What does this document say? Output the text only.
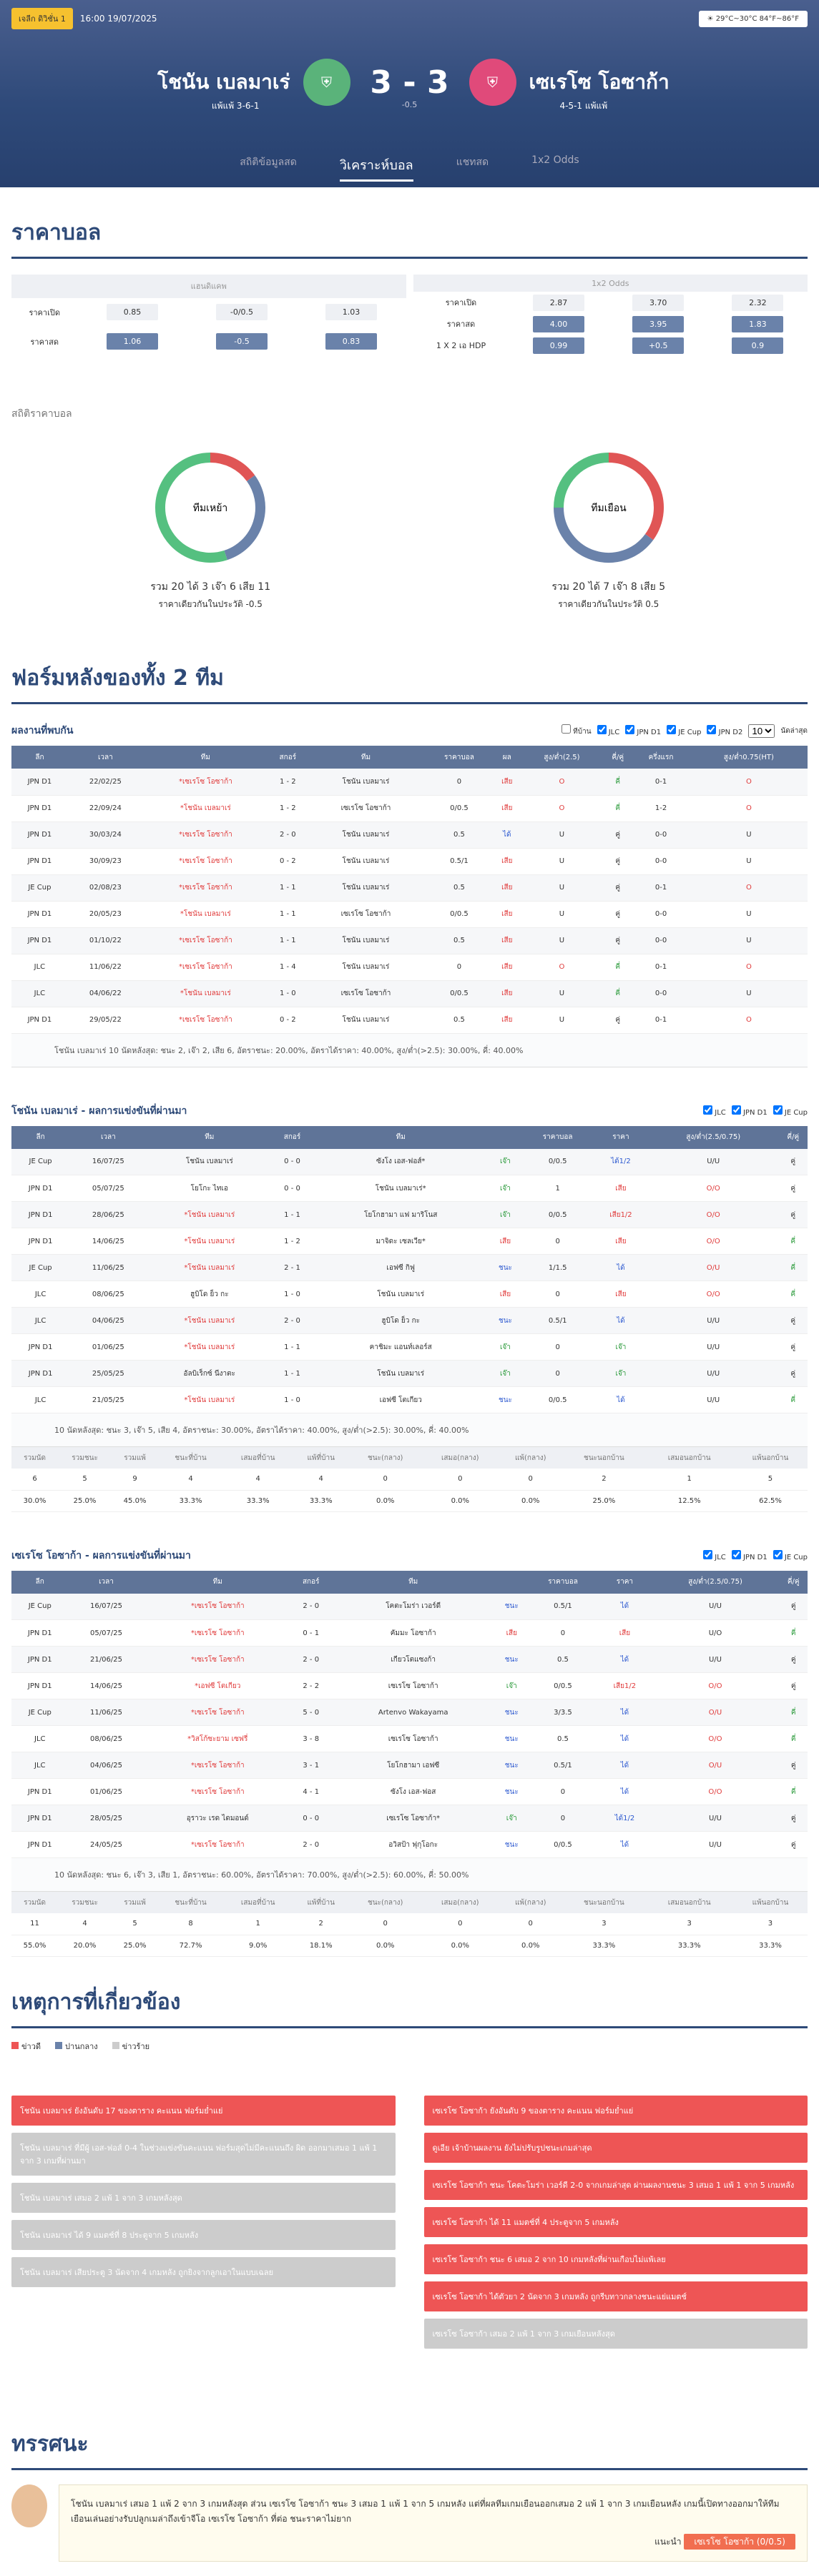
เจลีก ดิวิชั่น 1	16:00 19/07/2025	☀ 29°C~30°C 84°F~86°F
โชนัน เบลมาเร่	⛨	3 - 3	⛨	เซเรโซ โอซาก้า
-0.5
แพ้แพ้ 3-6-1	4-5-1 แพ้แพ้
สถิติข้อมูลสด	วิเคราะห์บอล	แชทสด	1x2 Odds
ราคาบอล
แฮนดิแคพ			
ราคาเปิด	0.85	-0/0.5	1.03
ราคาสด	1.06	-0.5	0.83
1x2 Odds			
ราคาเปิด	2.87	3.70	2.32
ราคาสด	4.00	3.95	1.83
1 X 2 เอ HDP	0.99	+0.5	0.9
สถิติราคาบอล
ทีมเหย้า
รวม 20 ได้ 3 เจ๊า 6 เสีย 11
ราคาเดียวกันในประวัติ -0.5
ทีมเยือน
รวม 20 ได้ 7 เจ๊า 8 เสีย 5
ราคาเดียวกันในประวัติ 0.5
ฟอร์มหลังของทั้ง 2 ทีม
ผลงานที่พบกัน	ทีบ้าน	JLC	JPN D1	JE Cup	JPN D2
10	นัดล่าสุด
ลีก	เวลา	ทีม	สกอร์	ทีม	ราคาบอล	ผล	สูง/ต่ำ(2.5)	คี่/คู่	ครึ่งแรก	สูง/ต่ำ0.75(HT)
JPN D1	22/02/25	*เซเรโซ โอซาก้า	1 - 2	โชนัน เบลมาเร่	0	เสีย	O	คี่	0-1	O
JPN D1	22/09/24	*โชนัน เบลมาเร่	1 - 2	เซเรโซ โอซาก้า	0/0.5	เสีย	O	คี่	1-2	O
JPN D1	30/03/24	*เซเรโซ โอซาก้า	2 - 0	โชนัน เบลมาเร่	0.5	ได้	U	คู่	0-0	U
JPN D1	30/09/23	*เซเรโซ โอซาก้า	0 - 2	โชนัน เบลมาเร่	0.5/1	เสีย	U	คู่	0-0	U
JE Cup	02/08/23	*เซเรโซ โอซาก้า	1 - 1	โชนัน เบลมาเร่	0.5	เสีย	U	คู่	0-1	O
JPN D1	20/05/23	*โชนัน เบลมาเร่	1 - 1	เซเรโซ โอซาก้า	0/0.5	เสีย	U	คู่	0-0	U
JPN D1	01/10/22	*เซเรโซ โอซาก้า	1 - 1	โชนัน เบลมาเร่	0.5	เสีย	U	คู่	0-0	U
JLC	11/06/22	*เซเรโซ โอซาก้า	1 - 4	โชนัน เบลมาเร่	0	เสีย	O	คี่	0-1	O
JLC	04/06/22	*โชนัน เบลมาเร่	1 - 0	เซเรโซ โอซาก้า	0/0.5	เสีย	U	คี่	0-0	U
JPN D1	29/05/22	*เซเรโซ โอซาก้า	0 - 2	โชนัน เบลมาเร่	0.5	เสีย	U	คู่	0-1	O
โชนัน เบลมาเร่ 10 นัดหลังสุด: ชนะ 2, เจ๊า 2, เสีย 6, อัตราชนะ: 20.00%, อัตราได้ราคา: 40.00%, สูง/ต่ำ(>2.5): 30.00%, คี่: 40.00%
โชนัน เบลมาเร่ - ผลการแข่งขันที่ผ่านมา	JLC	JPN D1	JE Cup
ลีก	เวลา	ทีม	สกอร์	ทีม		ราคาบอล	ราคา	สูง/ต่ำ(2.5/0.75)	คี่/คู่
JE Cup	16/07/25	โชนัน เบลมาเร่	0 - 0	ซังโง เอส-ฟอส์*	เจ๊า	0/0.5	ได้1/2	U/U	คู่
JPN D1	05/07/25	โยโกะ ไทเอ	0 - 0	โชนัน เบลมาเร่*	เจ๊า	1	เสีย	O/O	คู่
JPN D1	28/06/25	*โชนัน เบลมาเร่	1 - 1	โยโกฮามา แฟ มาริโนส	เจ๊า	0/0.5	เสีย1/2	O/O	คู่
JPN D1	14/06/25	*โชนัน เบลมาเร่	1 - 2	มาจิดะ เซลเวีย*	เสีย	0	เสีย	O/O	คี่
JE Cup	11/06/25	*โชนัน เบลมาเร่	2 - 1	เอฟซี กิฟู	ชนะ	1/1.5	ได้	O/U	คี่
JLC	08/06/25	ฮูบิโด ย็ว กะ	1 - 0	โชนัน เบลมาเร่	เสีย	0	เสีย	O/O	คี่
JLC	04/06/25	*โชนัน เบลมาเร่	2 - 0	ฮูบิโด ย็ว กะ	ชนะ	0.5/1	ได้	U/U	คู่
JPN D1	01/06/25	*โชนัน เบลมาเร่	1 - 1	คาชิมะ แอนท์เลอร์ส	เจ๊า	0	เจ๊า	U/U	คู่
JPN D1	25/05/25	อัลบิเร็กซ์ นีงาตะ	1 - 1	โชนัน เบลมาเร่	เจ๊า	0	เจ๊า	U/U	คู่
JLC	21/05/25	*โชนัน เบลมาเร่	1 - 0	เอฟซี โตเกียว	ชนะ	0/0.5	ได้	U/U	คี่
10 นัดหลังสุด: ชนะ 3, เจ๊า 5, เสีย 4, อัตราชนะ: 30.00%, อัตราได้ราคา: 40.00%, สูง/ต่ำ(>2.5): 30.00%, คี่: 40.00%
รวมนัด	รวมชนะ	รวมแพ้	ชนะที่บ้าน	เสมอที่บ้าน	แพ้ที่บ้าน	ชนะ(กลาง)	เสมอ(กลาง)	แพ้(กลาง)	ชนะนอกบ้าน	เสมอนอกบ้าน	แพ้นอกบ้าน
6	5	9	4	4	4	0	0	0	2	1	5
30.0%	25.0%	45.0%	33.3%	33.3%	33.3%	0.0%	0.0%	0.0%	25.0%	12.5%	62.5%
เซเรโซ โอซาก้า - ผลการแข่งขันที่ผ่านมา	JLC	JPN D1	JE Cup
ลีก	เวลา	ทีม	สกอร์	ทีม		ราคาบอล	ราคา	สูง/ต่ำ(2.5/0.75)	คี่/คู่
JE Cup	16/07/25	*เซเรโซ โอซาก้า	2 - 0	โคตะโมร่า เวอร์ดี	ชนะ	0.5/1	ได้	U/U	คู่
JPN D1	05/07/25	*เซเรโซ โอซาก้า	0 - 1	คัมมะ โอซาก้า	เสีย	0	เสีย	U/O	คี่
JPN D1	21/06/25	*เซเรโซ โอซาก้า	2 - 0	เกียวโตแซงก้า	ชนะ	0.5	ได้	U/U	คู่
JPN D1	14/06/25	*เอฟซี โตเกียว	2 - 2	เซเรโซ โอซาก้า	เจ๊า	0/0.5	เสีย1/2	O/O	คู่
JE Cup	11/06/25	*เซเรโซ โอซาก้า	5 - 0	Artenvo Wakayama	ชนะ	3/3.5	ได้	O/U	คี่
JLC	08/06/25	*วิสโก้ซะยาม เซฟรี่	3 - 8	เซเรโซ โอซาก้า	ชนะ	0.5	ได้	O/O	คี่
JLC	04/06/25	*เซเรโซ โอซาก้า	3 - 1	โยโกฮามา เอฟซี	ชนะ	0.5/1	ได้	O/U	คู่
JPN D1	01/06/25	*เซเรโซ โอซาก้า	4 - 1	ซังโง เอส-ฟอส	ชนะ	0	ได้	O/O	คี่
JPN D1	28/05/25	อุราวะ เรด ไดมอนด์	0 - 0	เซเรโซ โอซาก้า*	เจ๊า	0	ได้1/2	U/U	คู่
JPN D1	24/05/25	*เซเรโซ โอซาก้า	2 - 0	อวิสป้า ฟุกุโอกะ	ชนะ	0/0.5	ได้	U/U	คู่
10 นัดหลังสุด: ชนะ 6, เจ๊า 3, เสีย 1, อัตราชนะ: 60.00%, อัตราได้ราคา: 70.00%, สูง/ต่ำ(>2.5): 60.00%, คี่: 50.00%
รวมนัด	รวมชนะ	รวมแพ้	ชนะที่บ้าน	เสมอที่บ้าน	แพ้ที่บ้าน	ชนะ(กลาง)	เสมอ(กลาง)	แพ้(กลาง)	ชนะนอกบ้าน	เสมอนอกบ้าน	แพ้นอกบ้าน
11	4	5	8	1	2	0	0	0	3	3	3
55.0%	20.0%	25.0%	72.7%	9.0%	18.1%	0.0%	0.0%	0.0%	33.3%	33.3%	33.3%
เหตุการที่เกี่ยวข้อง
ข่าวดี	ปานกลาง	ข่าวร้าย
โชนัน เบลมาเร่ ยังอันดับ 17 ของตาราง คะแนน ฟอร์มย่ำแย่
โชนัน เบลมาเร่ ที่มีผู้ เอส-ฟอส์ 0-4 ในช่วงแข่งขันคะแนน ฟอร์มสุดไม่มีคะแนนถึง ผิด ออกมาเสมอ 1 แพ้ 1 จาก 3 เกมที่ผ่านมา
โชนัน เบลมาเร่ เสมอ 2 แพ้ 1 จาก 3 เกมหลังสุด
โชนัน เบลมาเร่ ได้ 9 แมตช์ที่ 8 ประตูจาก 5 เกมหลัง
โชนัน เบลมาเร่ เสียประตู 3 นัดจาก 4 เกมหลัง ถูกยิงจากลูกเอาในแบบเฉลย
เซเรโซ โอซาก้า ยังอันดับ 9 ของตาราง คะแนน ฟอร์มย่ำแย่
ดูเอีย เจ้าบ้านผลงาน ยังไม่ปรับรูปชนะเกมล่าสุด
เซเรโซ โอซาก้า ชนะ โคตะโมร่า เวอร์ดี 2-0 จากเกมล่าสุด ผ่านผลงานชนะ 3 เสมอ 1 แพ้ 1 จาก 5 เกมหลัง
เซเรโซ โอซาก้า ได้ 11 แมตช์ที่ 4 ประตูจาก 5 เกมหลัง
เซเรโซ โอซาก้า ชนะ 6 เสมอ 2 จาก 10 เกมหลังที่ผ่านเกือบไม่แพ้เลย
เซเรโซ โอซาก้า ได้ตัวยา 2 นัดจาก 3 เกมหลัง ถูกรีบทาวกลางชนะแย่แมตช์
เซเรโซ โอซาก้า เสมอ 2 แพ้ 1 จาก 3 เกมเยือนหลังสุด
ทรรศนะ
โชนัน เบลมาเร่ เสมอ 1 แพ้ 2 จาก 3 เกมหลังสุด ส่วน เซเรโซ โอซาก้า ชนะ 3 เสมอ 1 แพ้ 1 จาก 5 เกมหลัง แต่ที่ผลทีมเกมเยือนออกเสมอ 2 แพ้ 1 จาก 3 เกมเยือนหลัง เกมนี้เปิดทางออกมาให้ทีมเยือนเล่นอย่างรับปลูกเมล่าถึงเข้าจีโอ เซเรโซ โอซาก้า ที่ต่อ ชนะราคาไม่ยาก
แนะนำ เซเรโซ โอซาก้า (0/0.5)
